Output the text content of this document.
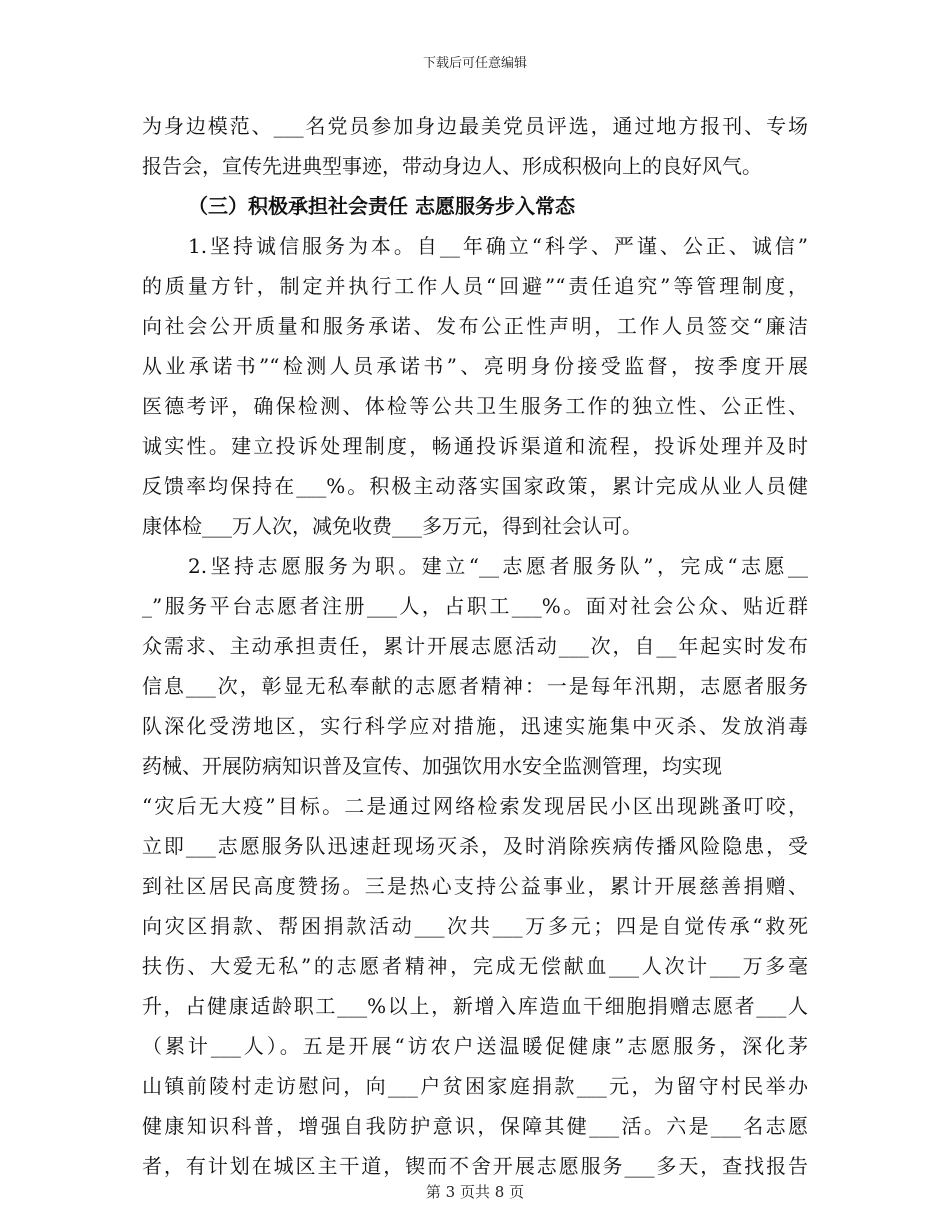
下载后可任意编辑
为身边模范、___名党员参加身边最美党员评选，通过地方报刊、专场
报告会，宣传先进典型事迹，带动身边人、形成积极向上的良好风气。
（三）积极承担社会责任 志愿服务步入常态
1.坚持诚信服务为本。自__年确立“科学、严谨、公正、诚信”
的质量方针，制定并执行工作人员“回避”“责任追究”等管理制度，
向社会公开质量和服务承诺、发布公正性声明，工作人员签交“廉洁
从业承诺书”“检测人员承诺书”、亮明身份接受监督，按季度开展
医德考评，确保检测、体检等公共卫生服务工作的独立性、公正性、
诚实性。建立投诉处理制度，畅通投诉渠道和流程，投诉处理并及时
反馈率均保持在___%。积极主动落实国家政策，累计完成从业人员健
康体检___万人次，减免收费___多万元，得到社会认可。
2.坚持志愿服务为职。建立“__志愿者服务队”，完成“志愿__
_”服务平台志愿者注册___人，占职工___%。面对社会公众、贴近群
众需求、主动承担责任，累计开展志愿活动___次，自__年起实时发布
信息___次，彰显无私奉献的志愿者精神：一是每年汛期，志愿者服务
队深化受涝地区，实行科学应对措施，迅速实施集中灭杀、发放消毒
药械、开展防病知识普及宣传、加强饮用水安全监测管理，均实现
“灾后无大疫”目标。二是通过网络检索发现居民小区出现跳蚤叮咬，
立即___志愿服务队迅速赶现场灭杀，及时消除疾病传播风险隐患，受
到社区居民高度赞扬。三是热心支持公益事业，累计开展慈善捐赠、
向灾区捐款、帮困捐款活动___次共___万多元；四是自觉传承“救死
扶伤、大爱无私”的志愿者精神，完成无偿献血___人次计___万多毫
升，占健康适龄职工___%以上，新增入库造血干细胞捐赠志愿者___人
（累计___人）。五是开展“访农户送温暖促健康”志愿服务，深化茅
山镇前陵村走访慰问，向___户贫困家庭捐款___元，为留守村民举办
健康知识科普，增强自我防护意识，保障其健___活。六是___名志愿
者，有计划在城区主干道，锲而不舍开展志愿服务___多天，查找报告
第 3 页共 8 页
